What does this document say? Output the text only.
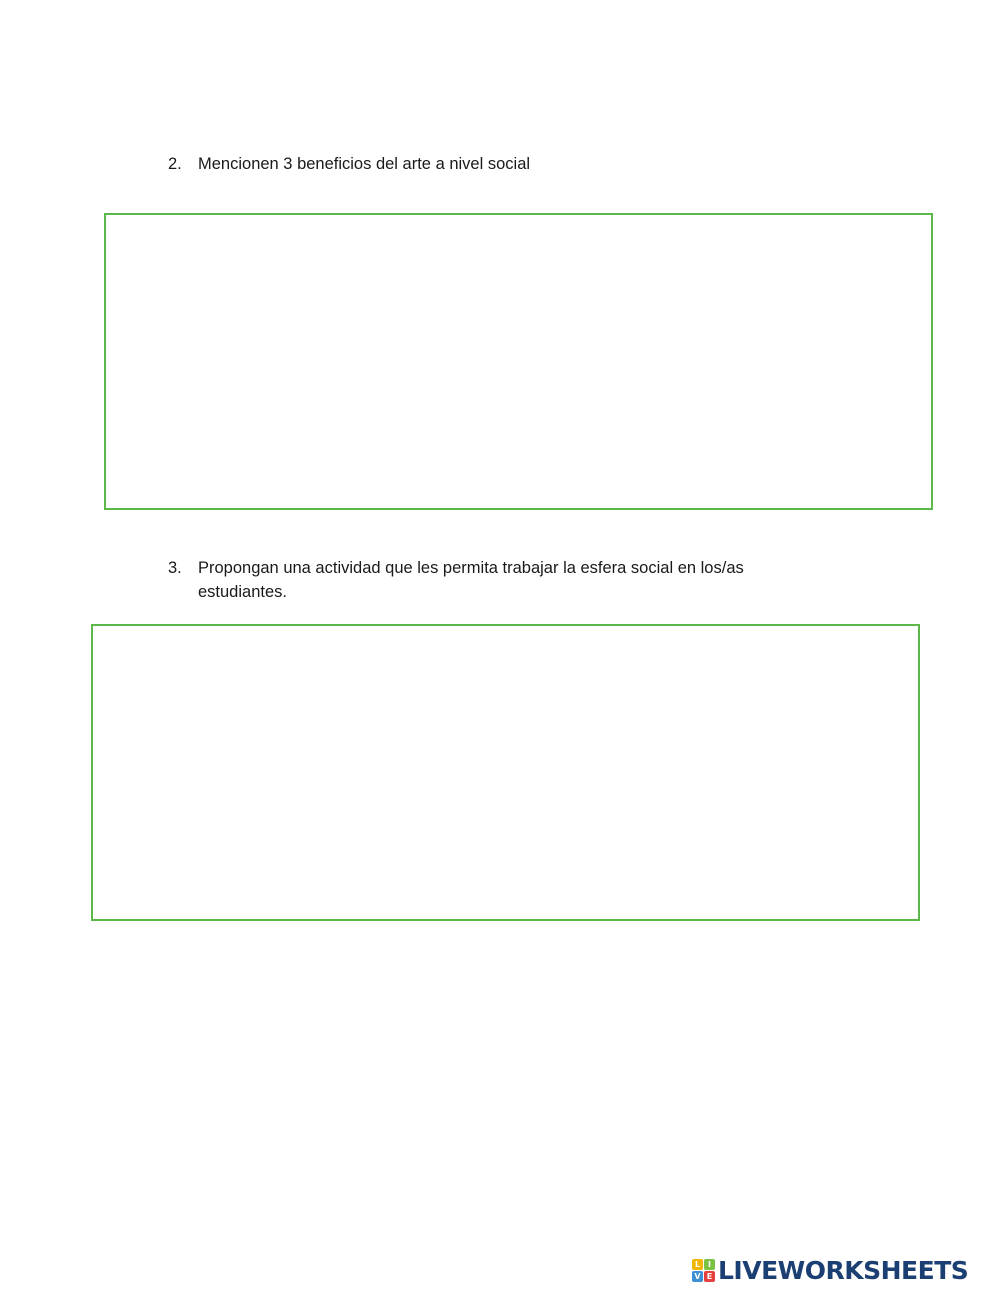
2. Mencionen 3 beneficios del arte a nivel social
3. Propongan una actividad que les permita trabajar la esfera social en los/as estudiantes.
L I
V E LIVEWORKSHEETS
